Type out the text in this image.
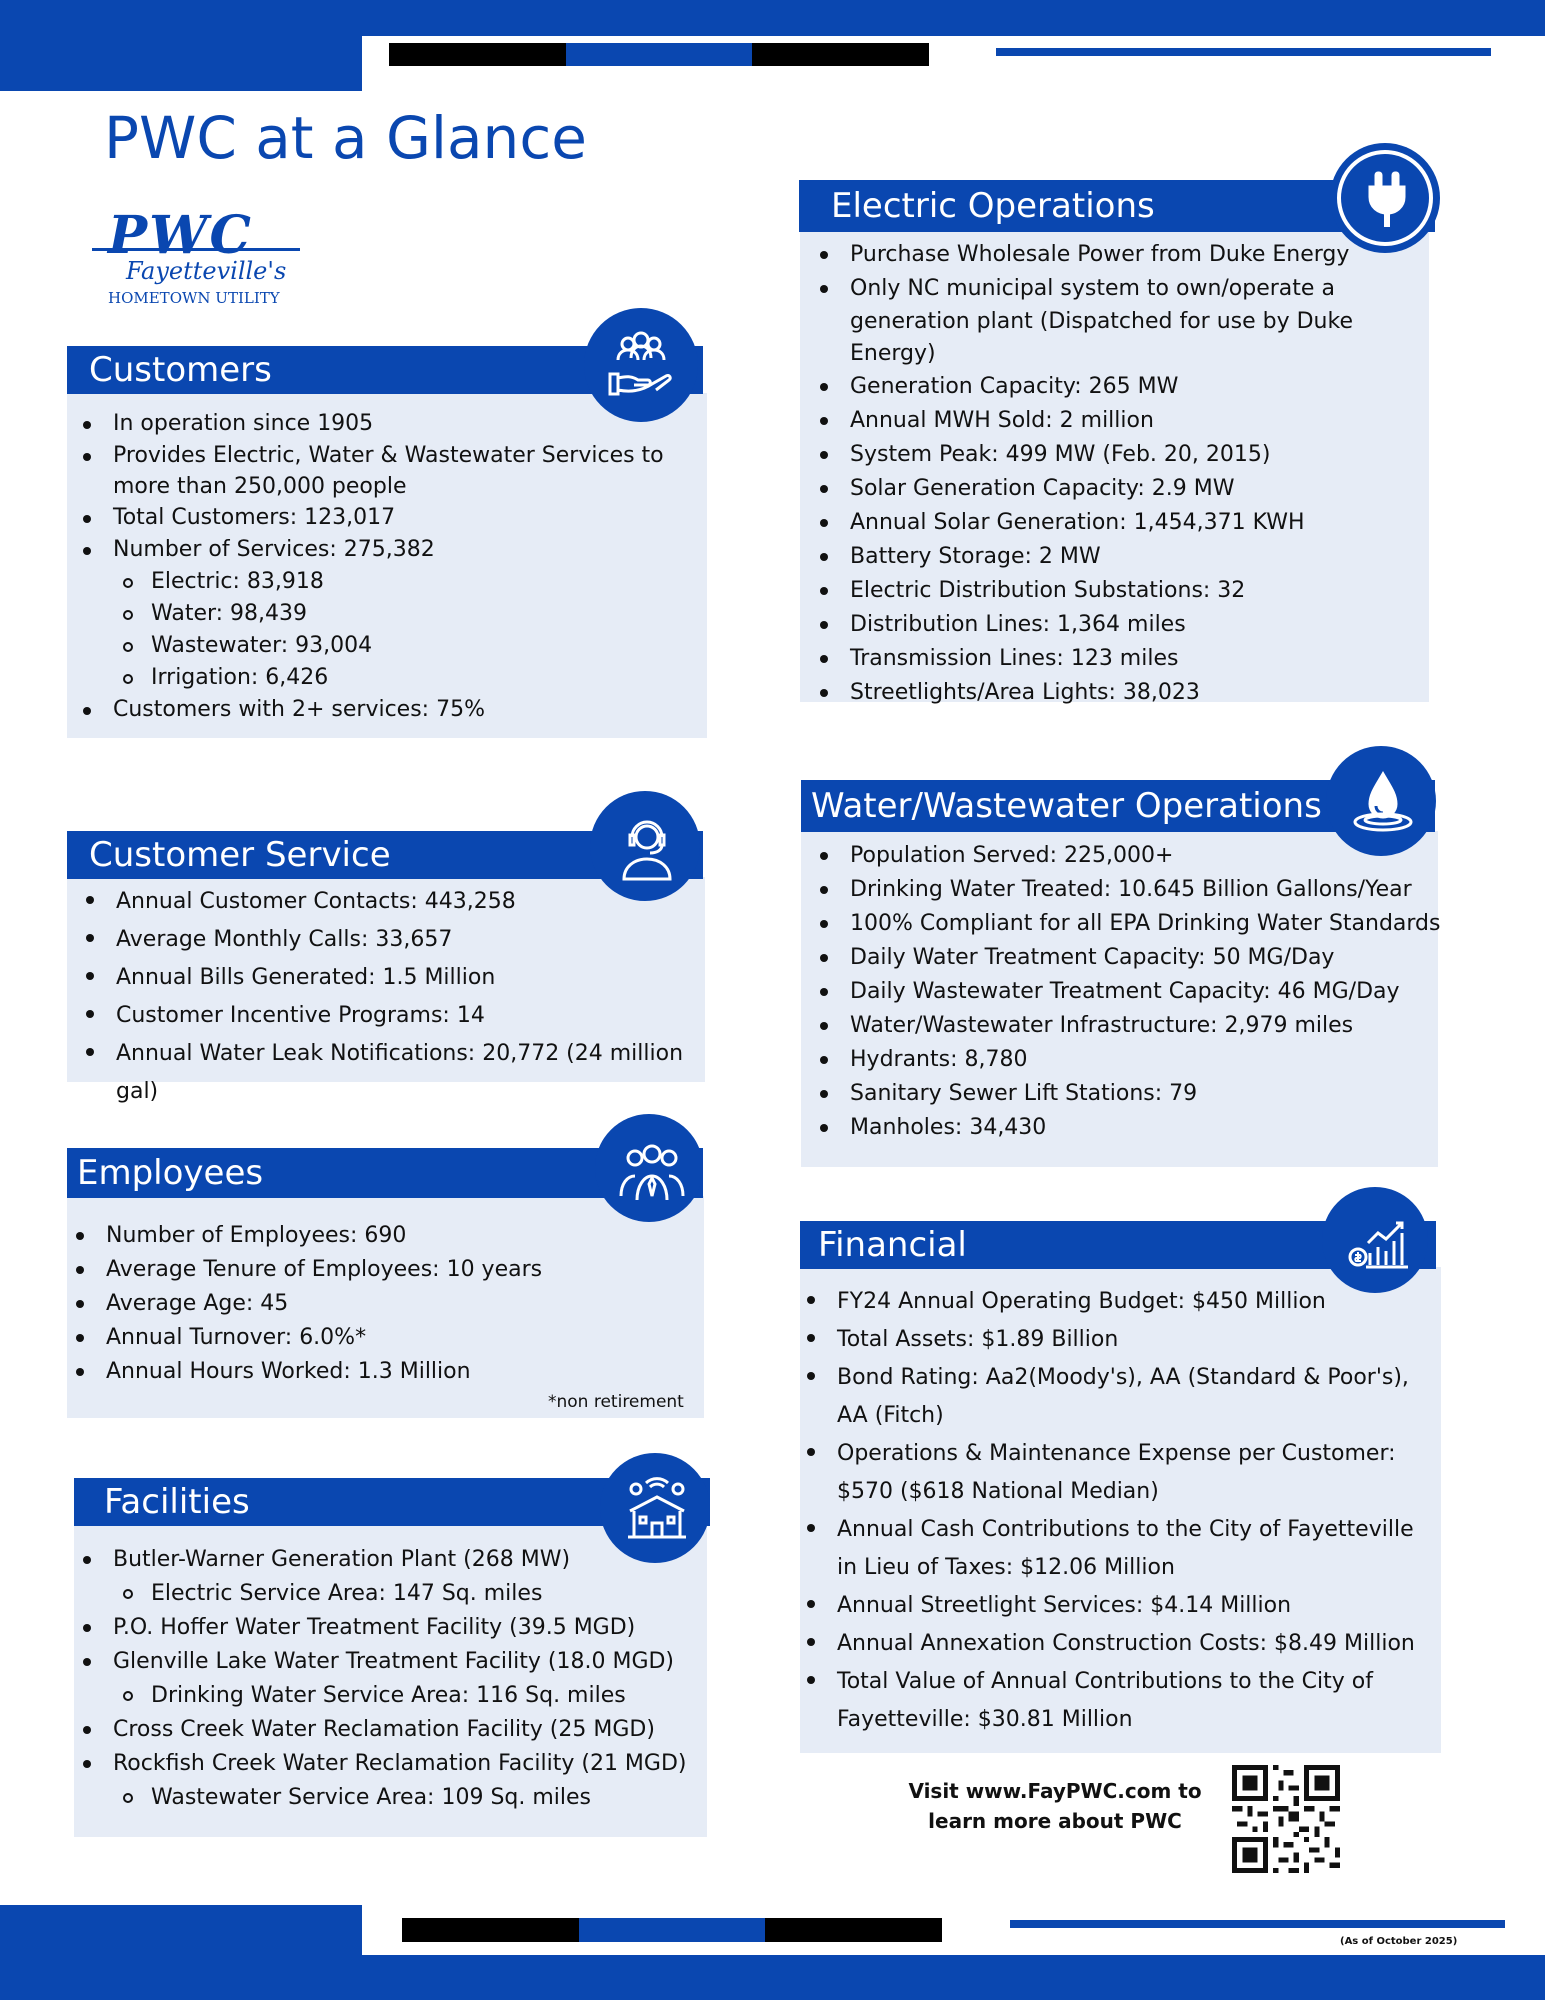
PWC at a Glance
PWC
Fayetteville's
HOMETOWN UTILITY
Customers
In operation since 1905
Provides Electric, Water & Wastewater Services to
more than 250,000 people
Total Customers: 123,017
Number of Services: 275,382
Electric: 83,918
Water: 98,439
Wastewater: 93,004
Irrigation: 6,426
Customers with 2+ services: 75%
Customer Service
Annual Customer Contacts: 443,258
Average Monthly Calls: 33,657
Annual Bills Generated: 1.5 Million
Customer Incentive Programs: 14
Annual Water Leak Notifications: 20,772 (24 million gal)
Employees
Number of Employees: 690
Average Tenure of Employees: 10 years
Average Age: 45
Annual Turnover: 6.0%*
Annual Hours Worked: 1.3 Million
*non retirement
Facilities
Butler-Warner Generation Plant (268 MW)
Electric Service Area: 147 Sq. miles
P.O. Hoffer Water Treatment Facility (39.5 MGD)
Glenville Lake Water Treatment Facility (18.0 MGD)
Drinking Water Service Area: 116 Sq. miles
Cross Creek Water Reclamation Facility (25 MGD)
Rockfish Creek Water Reclamation Facility (21 MGD)
Wastewater Service Area: 109 Sq. miles
Electric Operations
Purchase Wholesale Power from Duke Energy
Only NC municipal system to own/operate a
generation plant (Dispatched for use by Duke Energy)
Generation Capacity: 265 MW
Annual MWH Sold: 2 million
System Peak: 499 MW (Feb. 20, 2015)
Solar Generation Capacity: 2.9 MW
Annual Solar Generation: 1,454,371 KWH
Battery Storage: 2 MW
Electric Distribution Substations: 32
Distribution Lines: 1,364 miles
Transmission Lines: 123 miles
Streetlights/Area Lights: 38,023
Water/Wastewater Operations
Population Served: 225,000+
Drinking Water Treated: 10.645 Billion Gallons/Year
100% Compliant for all EPA Drinking Water Standards
Daily Water Treatment Capacity: 50 MG/Day
Daily Wastewater Treatment Capacity: 46 MG/Day
Water/Wastewater Infrastructure: 2,979 miles
Hydrants: 8,780
Sanitary Sewer Lift Stations: 79
Manholes: 34,430
Financial
FY24 Annual Operating Budget: $450 Million
Total Assets: $1.89 Billion
Bond Rating: Aa2(Moody's), AA (Standard & Poor's),
AA (Fitch)
Operations & Maintenance Expense per Customer:
$570 ($618 National Median)
Annual Cash Contributions to the City of Fayetteville
in Lieu of Taxes: $12.06 Million
Annual Streetlight Services: $4.14 Million
Annual Annexation Construction Costs: $8.49 Million
Total Value of Annual Contributions to the City of
Fayetteville: $30.81 Million
Visit www.FayPWC.com to
learn more about PWC
(As of October 2025)
